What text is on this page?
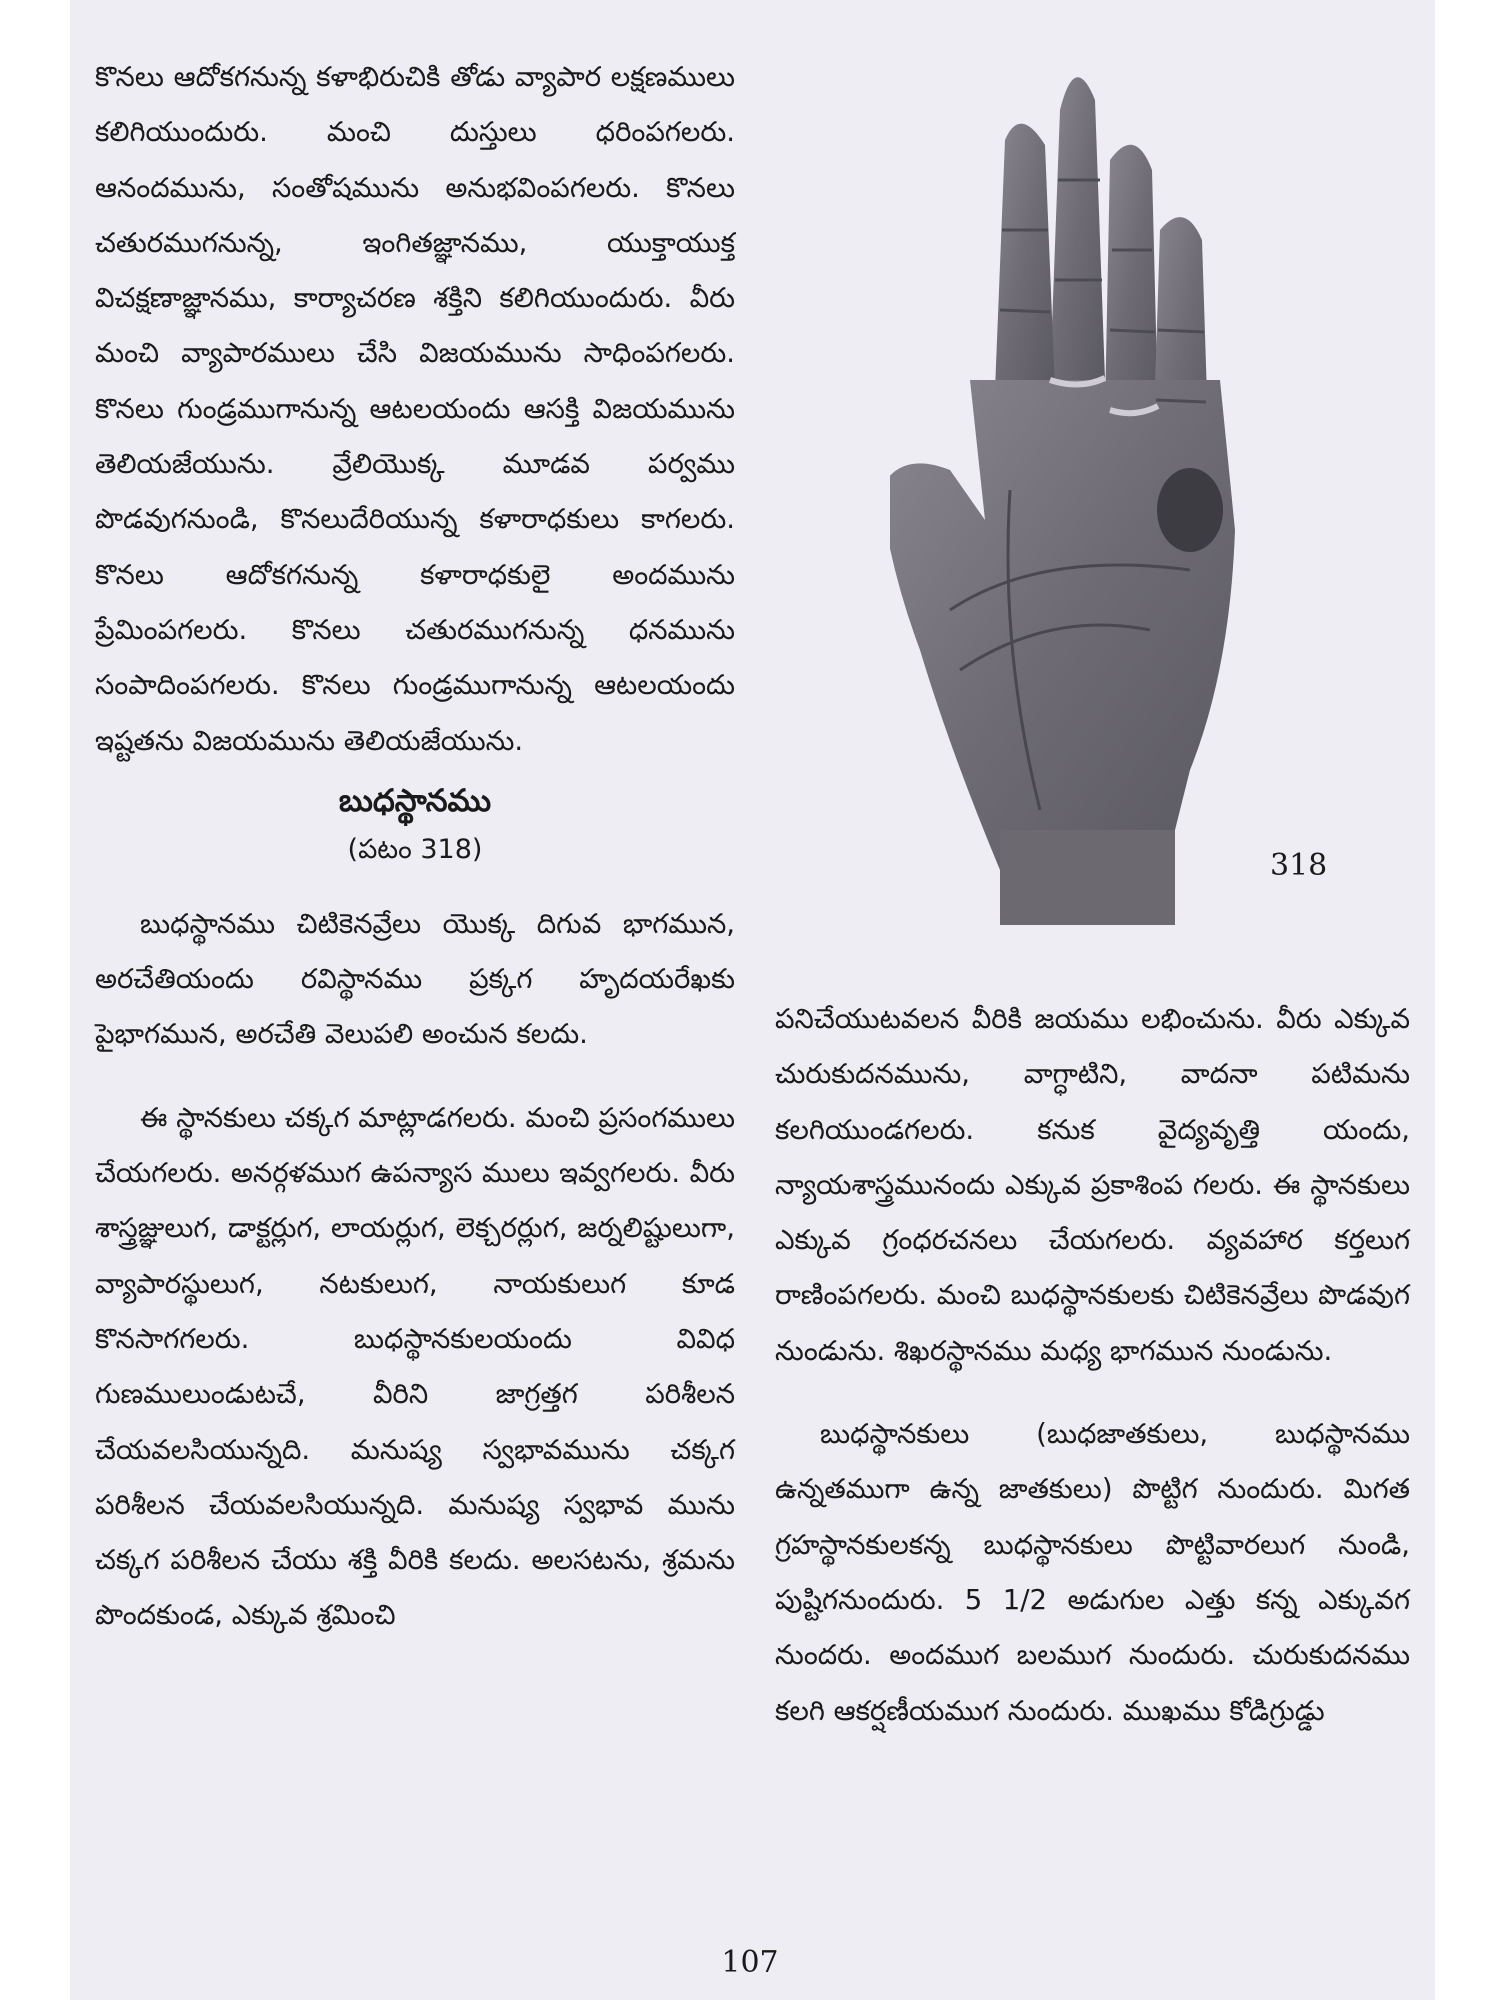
కొనలు ఆదోకగనున్న కళాభిరుచికి తోడు వ్యాపార లక్షణములు కలిగియుందురు. మంచి దుస్తులు ధరింపగలరు. ఆనందమును, సంతోషమును అనుభవింపగలరు. కొనలు చతురముగనున్న, ఇంగితజ్ఞానము, యుక్తాయుక్త విచక్షణాజ్ఞానము, కార్యాచరణ శక్తిని కలిగియుందురు. వీరు మంచి వ్యాపారములు చేసి విజయమును సాధింపగలరు. కొనలు గుండ్రముగానున్న ఆటలయందు ఆసక్తి విజయమును తెలియజేయును. వ్రేలియొక్క మూడవ పర్వము పొడవుగనుండి, కొనలుదేరియున్న కళారాధకులు కాగలరు. కొనలు ఆదోకగనున్న కళారాధకులై అందమును ప్రేమింపగలరు. కొనలు చతురముగనున్న ధనమును సంపాదింపగలరు. కొనలు గుండ్రముగానున్న ఆటలయందు ఇష్టతను విజయమును తెలియజేయును.

బుధస్థానము
(పటం 318)

బుధస్థానము చిటికెనవ్రేలు యొక్క దిగువ భాగమున, అరచేతియందు రవిస్థానము ప్రక్కగ హృదయరేఖకు పైభాగమున, అరచేతి వెలుపలి అంచున కలదు.

ఈ స్థానకులు చక్కగ మాట్లాడగలరు. మంచి ప్రసంగములు చేయగలరు. అనర్గళముగ ఉపన్యాస ములు ఇవ్వగలరు. వీరు శాస్త్రజ్ఞులుగ, డాక్టర్లుగ, లాయర్లుగ, లెక్చరర్లుగ, జర్నలిష్టులుగా, వ్యాపారస్థులుగ, నటకులుగ, నాయకులుగ కూడ కొనసాగగలరు. బుధస్థానకులయందు వివిధ గుణములుండుటచే, వీరిని జాగ్రత్తగ పరిశీలన చేయవలసియున్నది. మనుష్య స్వభావమును చక్కగ పరిశీలన చేయవలసియున్నది. మనుష్య స్వభావ మును చక్కగ పరిశీలన చేయు శక్తి వీరికి కలదు. అలసటను, శ్రమను పొందకుండ, ఎక్కువ శ్రమించి

318

పనిచేయుటవలన వీరికి జయము లభించును. వీరు ఎక్కువ చురుకుదనమును, వాగ్ధాటిని, వాదనా పటిమను కలగియుండగలరు. కనుక వైద్యవృత్తి యందు, న్యాయశాస్త్రమునందు ఎక్కువ ప్రకాశింప గలరు. ఈ స్థానకులు ఎక్కువ గ్రంధరచనలు చేయగలరు. వ్యవహార కర్తలుగ రాణింపగలరు. మంచి బుధస్థానకులకు చిటికెనవ్రేలు పొడవుగ నుండును. శిఖరస్థానము మధ్య భాగమున నుండును.

బుధస్థానకులు (బుధజాతకులు, బుధస్థానము ఉన్నతముగా ఉన్న జాతకులు) పొట్టిగ నుందురు. మిగత గ్రహస్థానకులకన్న బుధస్థానకులు పొట్టివారలుగ నుండి, పుష్టిగనుందురు. 5 1/2 అడుగుల ఎత్తు కన్న ఎక్కువగ నుందరు. అందముగ బలముగ నుందురు. చురుకుదనము కలగి ఆకర్షణీయముగ నుందురు. ముఖము కోడిగ్రుడ్డు

107
